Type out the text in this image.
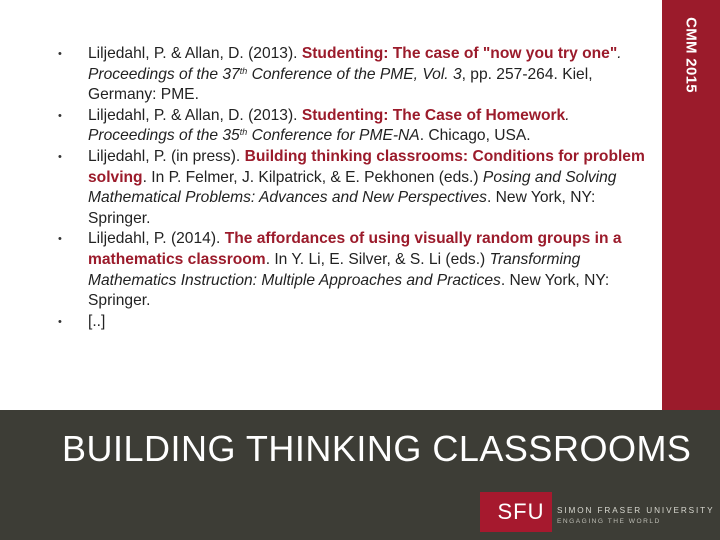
• Liljedahl, P. & Allan, D. (2013). Studenting: The case of "now you try one". Proceedings of the 37th Conference of the PME, Vol. 3, pp. 257-264. Kiel, Germany: PME.
• Liljedahl, P. & Allan, D. (2013). Studenting: The Case of Homework. Proceedings of the 35th Conference for PME-NA. Chicago, USA.
• Liljedahl, P. (in press). Building thinking classrooms: Conditions for problem solving. In P. Felmer, J. Kilpatrick, & E. Pekhonen (eds.) Posing and Solving Mathematical Problems: Advances and New Perspectives. New York, NY: Springer.
• Liljedahl, P. (2014). The affordances of using visually random groups in a mathematics classroom. In Y. Li, E. Silver, & S. Li (eds.) Transforming Mathematics Instruction: Multiple Approaches and Practices. New York, NY: Springer.
• [..]
CMM 2015
BUILDING THINKING CLASSROOMS
SFU SIMON FRASER UNIVERSITY
ENGAGING THE WORLD
